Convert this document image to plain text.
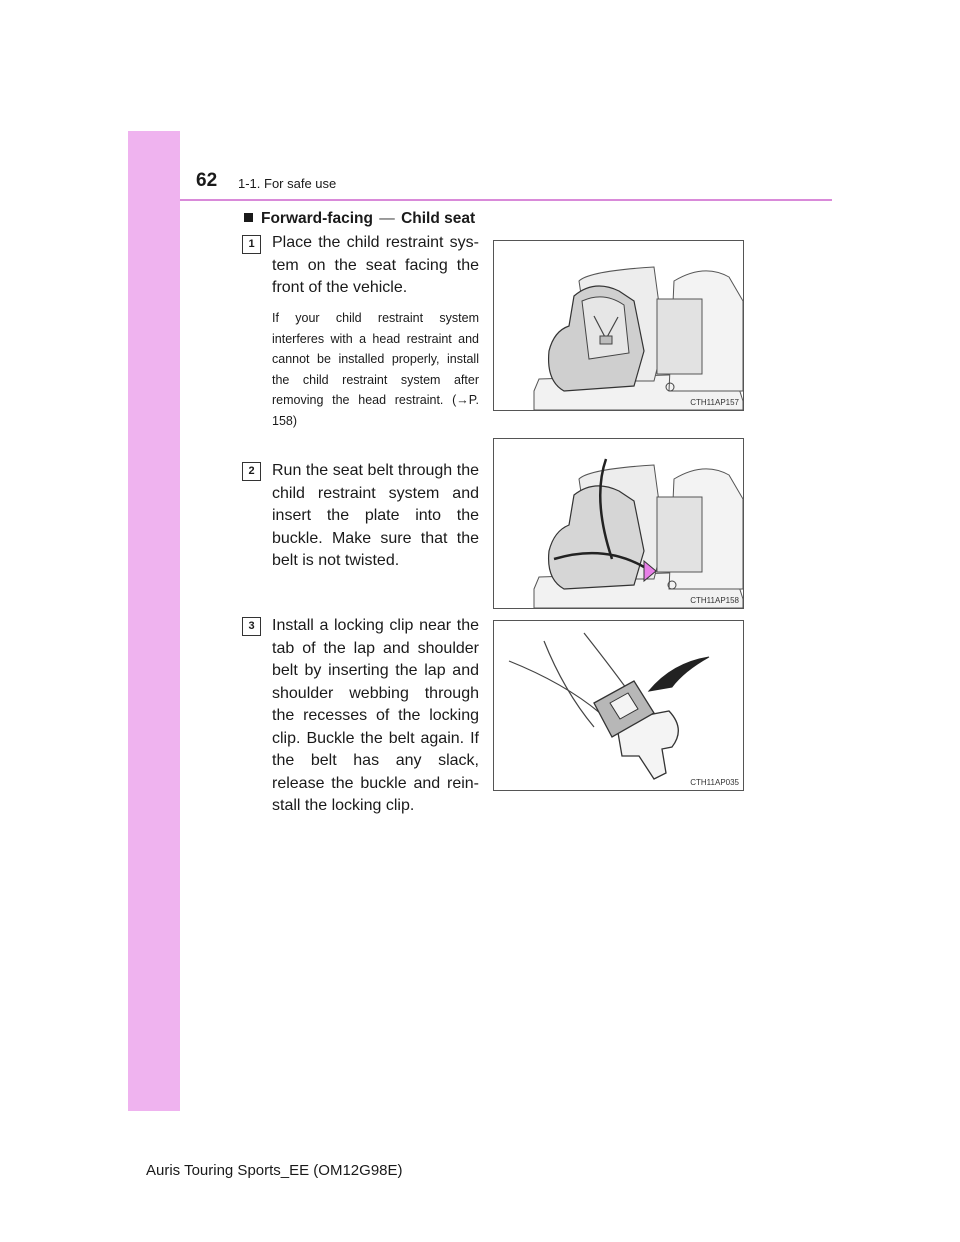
62 1-1. For safe use
Forward-facing — Child seat
1	Place the child restraint sys-tem on the seat facing the front of the vehicle.
If your child restraint system interferes with a head restraint and cannot be installed properly, install the child restraint system after removing the head restraint. (→P. 158)
CTH11AP157
2	Run the seat belt through the child restraint system and insert the plate into the buckle. Make sure that the belt is not twisted.
CTH11AP158
3	Install a locking clip near the tab of the lap and shoulder belt by inserting the lap and shoulder webbing through the recesses of the locking clip. Buckle the belt again. If the belt has any slack, release the buckle and rein-stall the locking clip.
CTH11AP035
Auris Touring Sports_EE (OM12G98E)
